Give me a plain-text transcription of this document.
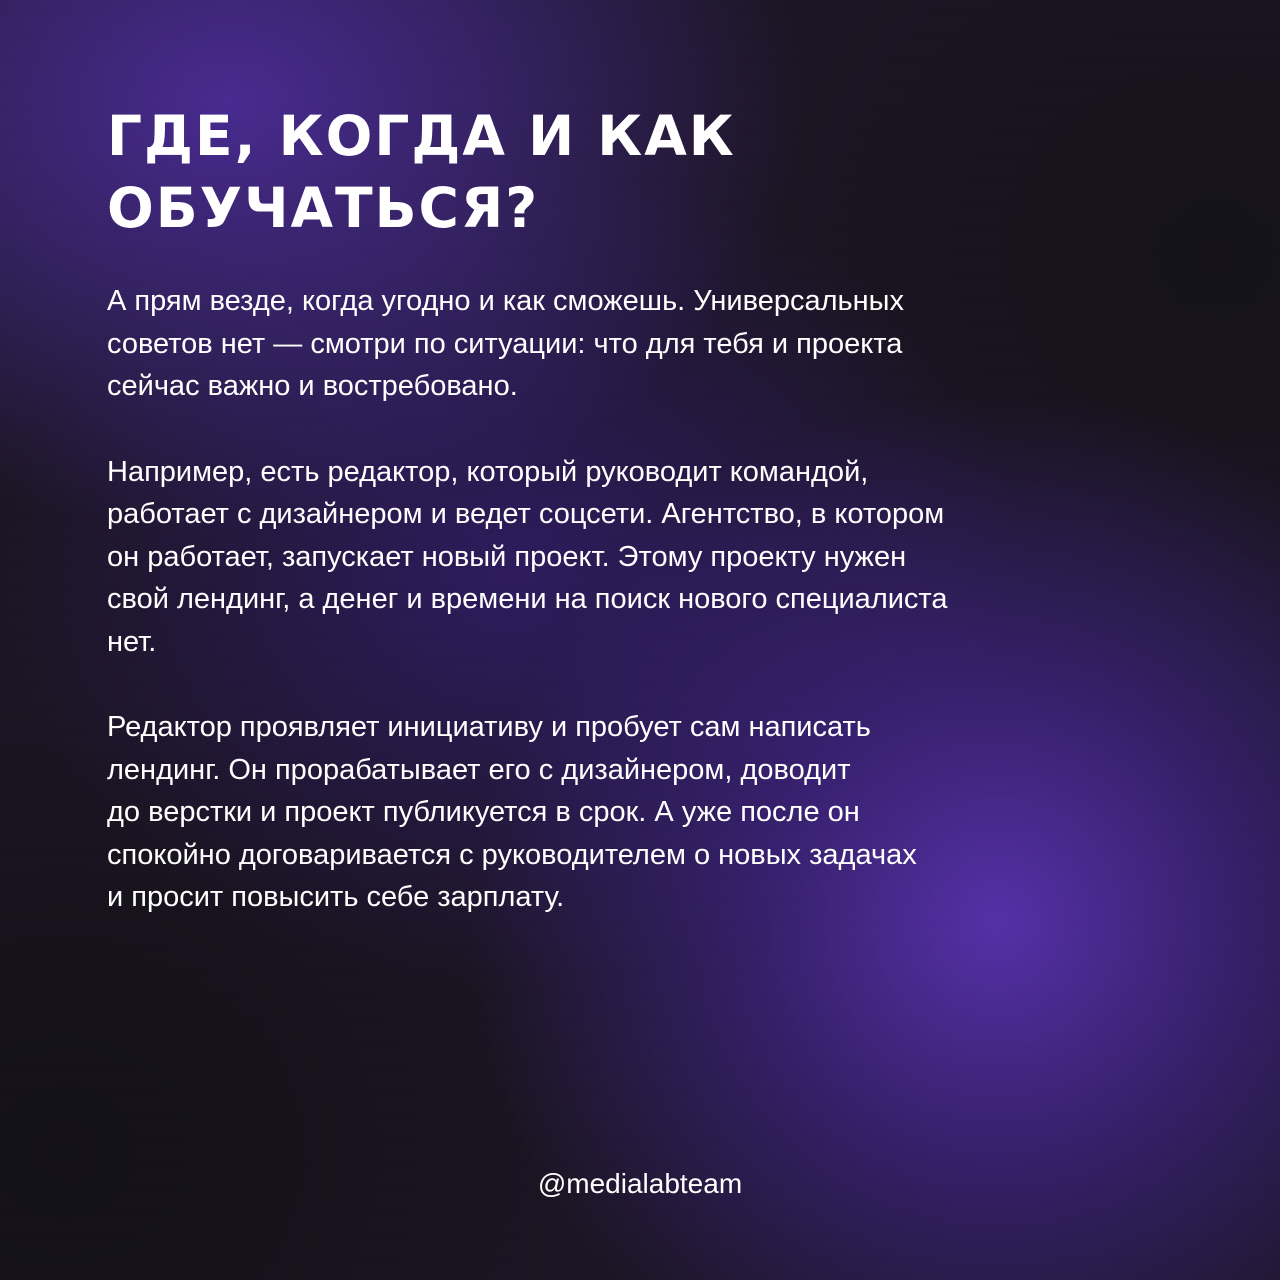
ГДЕ, КОГДА И КАК
ОБУЧАТЬСЯ?

А прям везде, когда угодно и как сможешь. Универсальных
советов нет — смотри по ситуации: что для тебя и проекта
сейчас важно и востребовано.

Например, есть редактор, который руководит командой,
работает с дизайнером и ведет соцсети. Агентство, в котором
он работает, запускает новый проект. Этому проекту нужен
свой лендинг, а денег и времени на поиск нового специалиста
нет.

Редактор проявляет инициативу и пробует сам написать
лендинг. Он прорабатывает его с дизайнером, доводит
до верстки и проект публикуется в срок. А уже после он
спокойно договаривается с руководителем о новых задачах
и просит повысить себе зарплату.

@medialabteam
